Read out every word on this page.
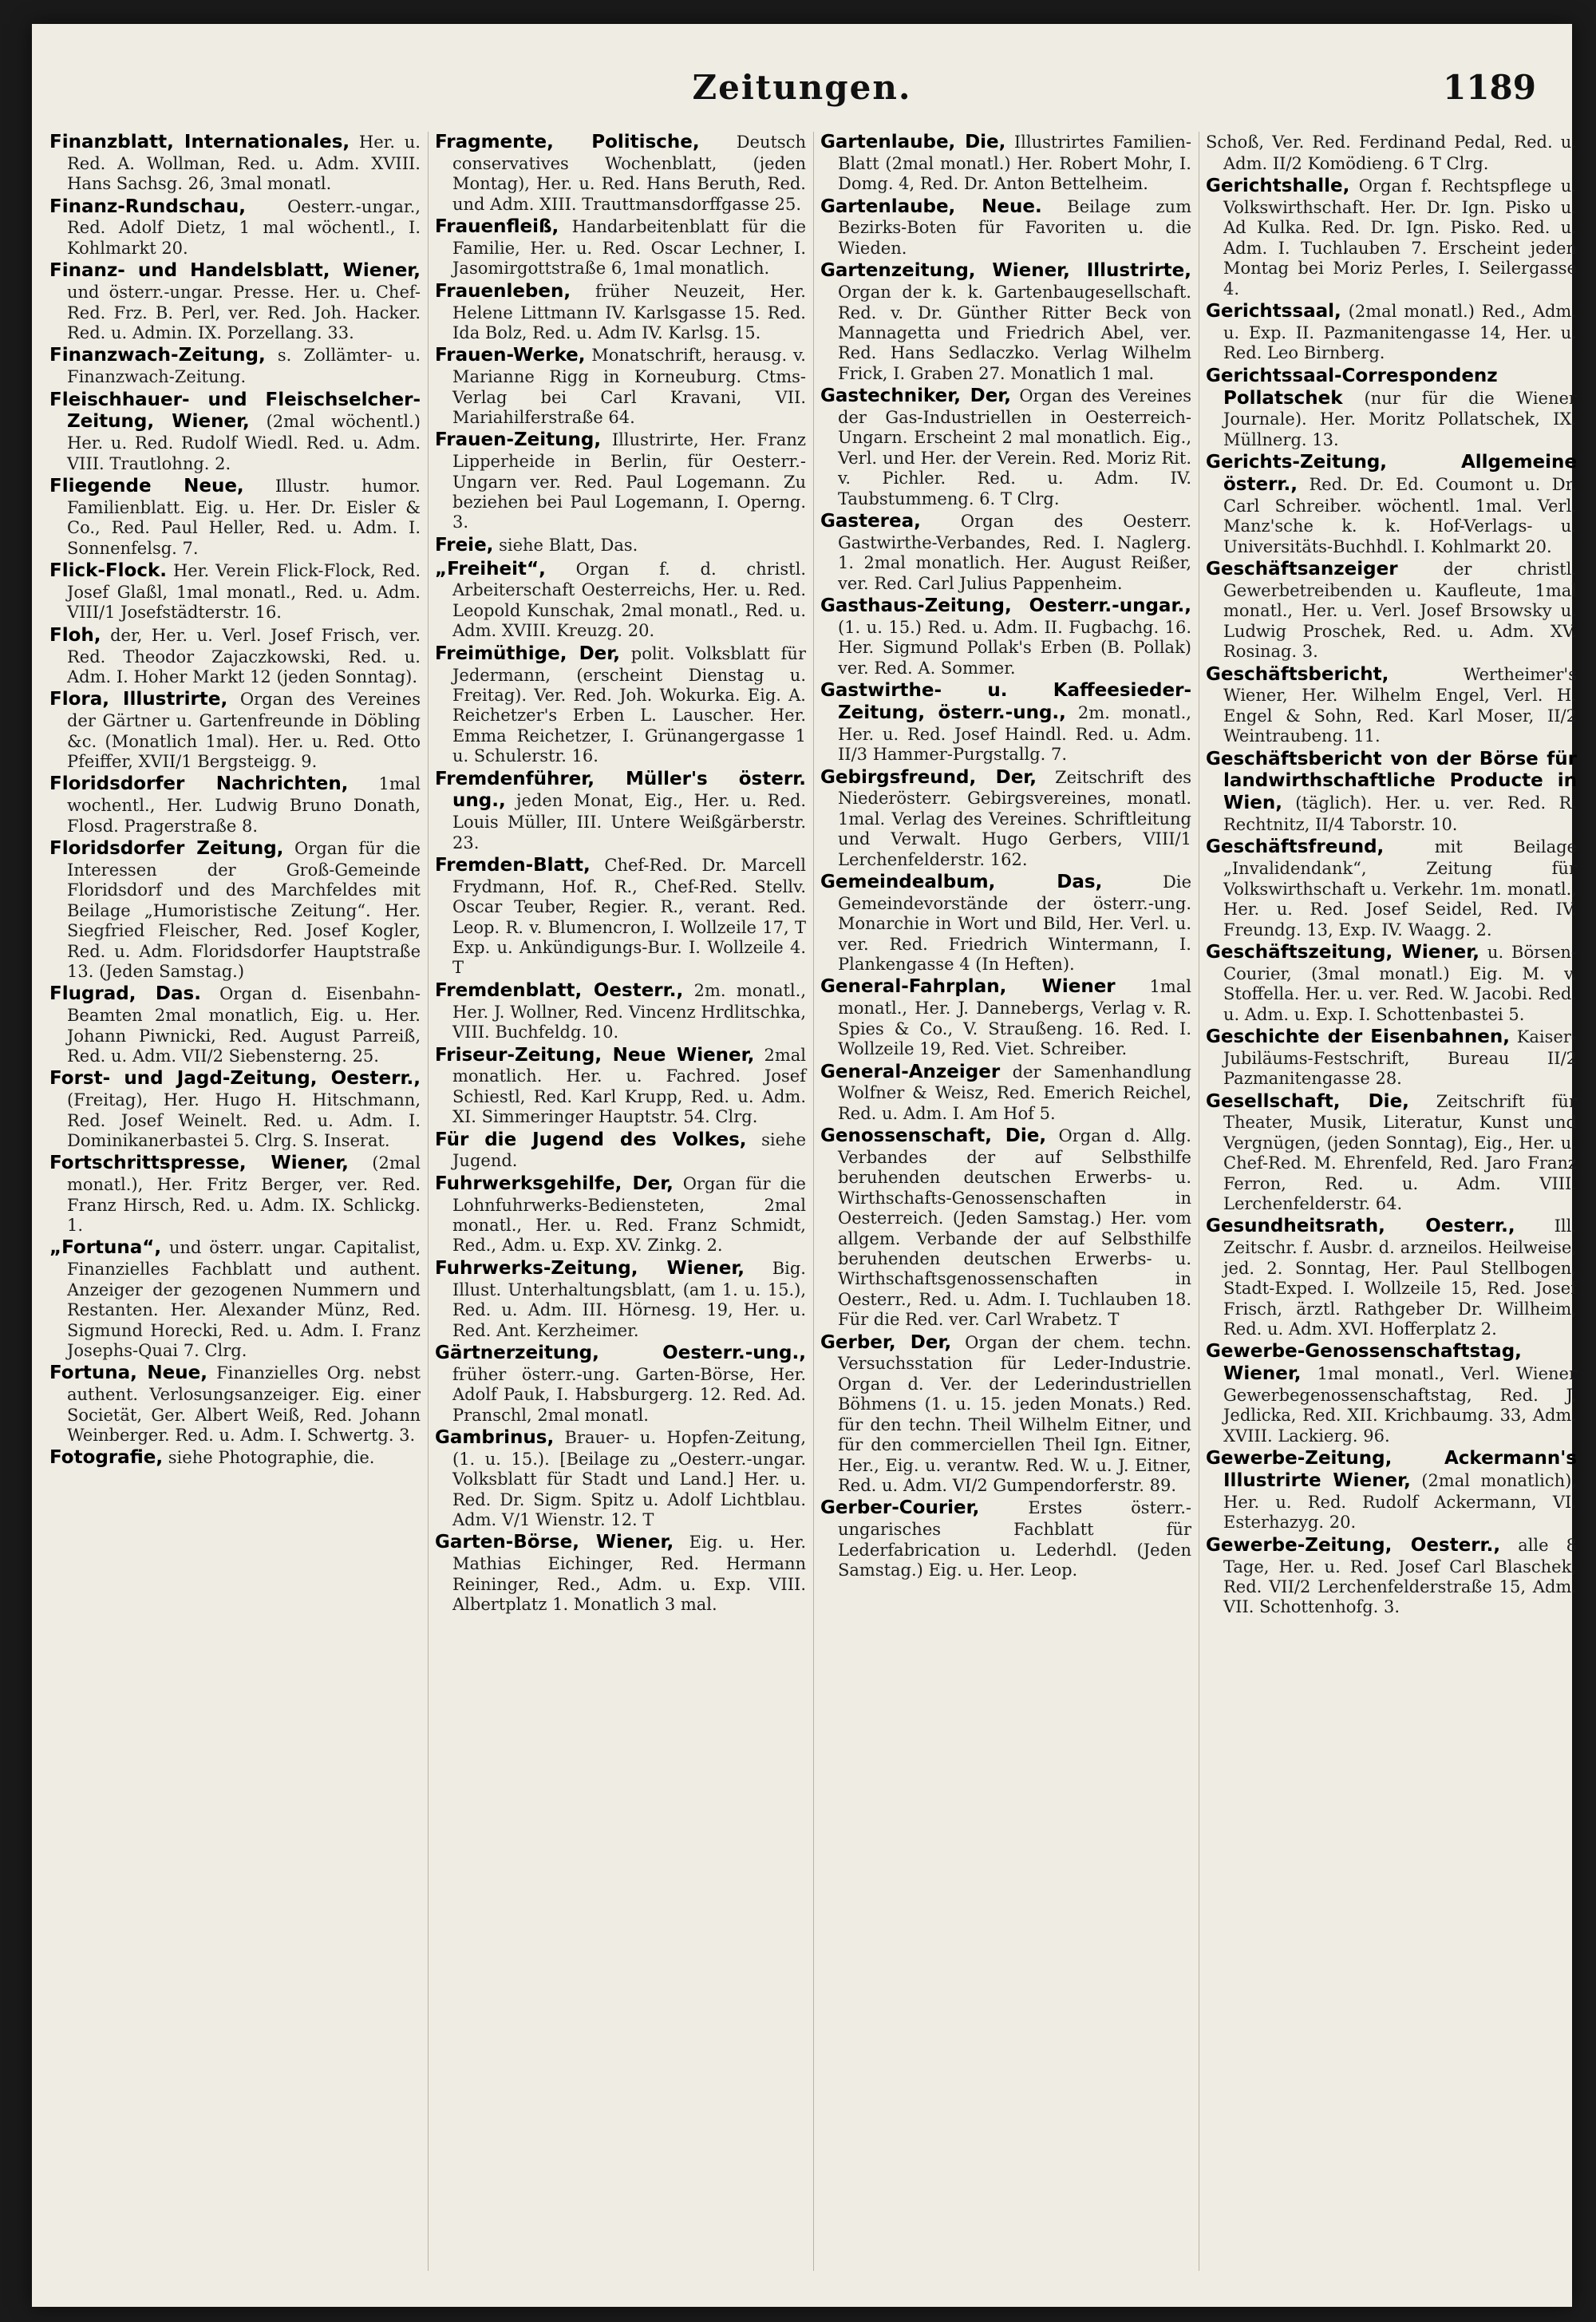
Zeitungen.	1189

Finanzblatt, Internationales, Her. u. Red. A. Wollman, Red. u. Adm. XVIII. Hans Sachsg. 26, 3mal monatl.

Finanz-Rundschau, Oesterr.-ungar., Red. Adolf Dietz, 1 mal wöchentl., I. Kohlmarkt 20.

Finanz- und Handelsblatt, Wiener, und österr.-ungar. Presse. Her. u. Chef-Red. Frz. B. Perl, ver. Red. Joh. Hacker. Red. u. Admin. IX. Porzellang. 33.

Finanzwach-Zeitung, s. Zollämter- u. Finanzwach-Zeitung.

Fleischhauer- und Fleischselcher-Zeitung, Wiener, (2mal wöchentl.) Her. u. Red. Rudolf Wiedl. Red. u. Adm. VIII. Trautlohng. 2.

Fliegende Neue, Illustr. humor. Familienblatt. Eig. u. Her. Dr. Eisler & Co., Red. Paul Heller, Red. u. Adm. I. Sonnenfelsg. 7.

Flick-Flock. Her. Verein Flick-Flock, Red. Josef Glaßl, 1mal monatl., Red. u. Adm. VIII/1 Josefstädterstr. 16.

Floh, der, Her. u. Verl. Josef Frisch, ver. Red. Theodor Zajaczkowski, Red. u. Adm. I. Hoher Markt 12 (jeden Sonntag).

Flora, Illustrirte, Organ des Vereines der Gärtner u. Gartenfreunde in Döbling &c. (Monatlich 1mal). Her. u. Red. Otto Pfeiffer, XVII/1 Bergsteigg. 9.

Floridsdorfer Nachrichten, 1mal wochentl., Her. Ludwig Bruno Donath, Flosd. Pragerstraße 8.

Floridsdorfer Zeitung, Organ für die Interessen der Groß-Gemeinde Floridsdorf und des Marchfeldes mit Beilage „Humoristische Zeitung“. Her. Siegfried Fleischer, Red. Josef Kogler, Red. u. Adm. Floridsdorfer Hauptstraße 13. (Jeden Samstag.)

Flugrad, Das. Organ d. Eisenbahn-Beamten 2mal monatlich, Eig. u. Her. Johann Piwnicki, Red. August Parreiß, Red. u. Adm. VII/2 Siebensterng. 25.

Forst- und Jagd-Zeitung, Oesterr., (Freitag), Her. Hugo H. Hitschmann, Red. Josef Weinelt. Red. u. Adm. I. Dominikanerbastei 5. Clrg. S. Inserat.

Fortschrittspresse, Wiener, (2mal monatl.), Her. Fritz Berger, ver. Red. Franz Hirsch, Red. u. Adm. IX. Schlickg. 1.

„Fortuna“, und österr. ungar. Capitalist, Finanzielles Fachblatt und authent. Anzeiger der gezogenen Nummern und Restanten. Her. Alexander Münz, Red. Sigmund Horecki, Red. u. Adm. I. Franz Josephs-Quai 7. Clrg.

Fortuna, Neue, Finanzielles Org. nebst authent. Verlosungsanzeiger. Eig. einer Societät, Ger. Albert Weiß, Red. Johann Weinberger. Red. u. Adm. I. Schwertg. 3.

Fotografie, siehe Photographie, die.

Fragmente, Politische, Deutsch conservatives Wochenblatt, (jeden Montag), Her. u. Red. Hans Beruth, Red. und Adm. XIII. Trauttmansdorffgasse 25.

Frauenfleiß, Handarbeitenblatt für die Familie, Her. u. Red. Oscar Lechner, I. Jasomirgottstraße 6, 1mal monatlich.

Frauenleben, früher Neuzeit, Her. Helene Littmann IV. Karlsgasse 15. Red. Ida Bolz, Red. u. Adm IV. Karlsg. 15.

Frauen-Werke, Monatschrift, herausg. v. Marianne Rigg in Korneuburg. Ctms-Verlag bei Carl Kravani, VII. Mariahilferstraße 64.

Frauen-Zeitung, Illustrirte, Her. Franz Lipperheide in Berlin, für Oesterr.-Ungarn ver. Red. Paul Logemann. Zu beziehen bei Paul Logemann, I. Operng. 3.

Freie, siehe Blatt, Das.

„Freiheit“, Organ f. d. christl. Arbeiterschaft Oesterreichs, Her. u. Red. Leopold Kunschak, 2mal monatl., Red. u. Adm. XVIII. Kreuzg. 20.

Freimüthige, Der, polit. Volksblatt für Jedermann, (erscheint Dienstag u. Freitag). Ver. Red. Joh. Wokurka. Eig. A. Reichetzer's Erben L. Lauscher. Her. Emma Reichetzer, I. Grünangergasse 1 u. Schulerstr. 16.

Fremdenführer, Müller's österr. ung., jeden Monat, Eig., Her. u. Red. Louis Müller, III. Untere Weißgärberstr. 23.

Fremden-Blatt, Chef-Red. Dr. Marcell Frydmann, Hof. R., Chef-Red. Stellv. Oscar Teuber, Regier. R., verant. Red. Leop. R. v. Blumencron, I. Wollzeile 17, T Exp. u. Ankündigungs-Bur. I. Wollzeile 4. T

Fremdenblatt, Oesterr., 2m. monatl., Her. J. Wollner, Red. Vincenz Hrdlitschka, VIII. Buchfeldg. 10.

Friseur-Zeitung, Neue Wiener, 2mal monatlich. Her. u. Fachred. Josef Schiestl, Red. Karl Krupp, Red. u. Adm. XI. Simmeringer Hauptstr. 54. Clrg.

Für die Jugend des Volkes, siehe Jugend.

Fuhrwerksgehilfe, Der, Organ für die Lohnfuhrwerks-Bediensteten, 2mal monatl., Her. u. Red. Franz Schmidt, Red., Adm. u. Exp. XV. Zinkg. 2.

Fuhrwerks-Zeitung, Wiener, Big. Illust. Unterhaltungsblatt, (am 1. u. 15.), Red. u. Adm. III. Hörnesg. 19, Her. u. Red. Ant. Kerzheimer.

Gärtnerzeitung, Oesterr.-ung., früher österr.-ung. Garten-Börse, Her. Adolf Pauk, I. Habsburgerg. 12. Red. Ad. Pranschl, 2mal monatl.

Gambrinus, Brauer- u. Hopfen-Zeitung, (1. u. 15.). [Beilage zu „Oesterr.-ungar. Volksblatt für Stadt und Land.] Her. u. Red. Dr. Sigm. Spitz u. Adolf Lichtblau. Adm. V/1 Wienstr. 12. T

Garten-Börse, Wiener, Eig. u. Her. Mathias Eichinger, Red. Hermann Reininger, Red., Adm. u. Exp. VIII. Albertplatz 1. Monatlich 3 mal.

Gartenlaube, Die, Illustrirtes Familien-Blatt (2mal monatl.) Her. Robert Mohr, I. Domg. 4, Red. Dr. Anton Bettelheim.

Gartenlaube, Neue. Beilage zum Bezirks-Boten für Favoriten u. die Wieden.

Gartenzeitung, Wiener, Illustrirte, Organ der k. k. Gartenbaugesellschaft. Red. v. Dr. Günther Ritter Beck von Mannagetta und Friedrich Abel, ver. Red. Hans Sedlaczko. Verlag Wilhelm Frick, I. Graben 27. Monatlich 1 mal.

Gastechniker, Der, Organ des Vereines der Gas-Industriellen in Oesterreich-Ungarn. Erscheint 2 mal monatlich. Eig., Verl. und Her. der Verein. Red. Moriz Rit. v. Pichler. Red. u. Adm. IV. Taubstummeng. 6. T Clrg.

Gasterea, Organ des Oesterr. Gastwirthe-Verbandes, Red. I. Naglerg. 1. 2mal monatlich. Her. August Reißer, ver. Red. Carl Julius Pappenheim.

Gasthaus-Zeitung, Oesterr.-ungar., (1. u. 15.) Red. u. Adm. II. Fugbachg. 16. Her. Sigmund Pollak's Erben (B. Pollak) ver. Red. A. Sommer.

Gastwirthe- u. Kaffeesieder-Zeitung, österr.-ung., 2m. monatl., Her. u. Red. Josef Haindl. Red. u. Adm. II/3 Hammer-Purgstallg. 7.

Gebirgsfreund, Der, Zeitschrift des Niederösterr. Gebirgsvereines, monatl. 1mal. Verlag des Vereines. Schriftleitung und Verwalt. Hugo Gerbers, VIII/1 Lerchenfelderstr. 162.

Gemeindealbum, Das,	Die Gemeindevorstände der österr.-ung. Monarchie in Wort und Bild, Her. Verl. u. ver. Red. Friedrich Wintermann, I. Plankengasse 4 (In Heften).

General-Fahrplan, Wiener 1mal monatl., Her. J. Dannebergs, Verlag v. R. Spies & Co., V. Straußeng. 16. Red. I. Wollzeile 19, Red. Viet. Schreiber.

General-Anzeiger der Samenhandlung Wolfner & Weisz, Red. Emerich Reichel, Red. u. Adm. I. Am Hof 5.

Genossenschaft, Die, Organ d. Allg. Verbandes der auf Selbsthilfe beruhenden deutschen Erwerbs- u. Wirthschafts-Genossenschaften in Oesterreich. (Jeden Samstag.) Her. vom allgem. Verbande der auf Selbsthilfe beruhenden deutschen Erwerbs- u. Wirthschaftsgenossenschaften in Oesterr., Red. u. Adm. I. Tuchlauben 18. Für die Red. ver. Carl Wrabetz. T

Gerber, Der, Organ der chem. techn. Versuchsstation für Leder-Industrie. Organ d. Ver. der Lederindustriellen Böhmens (1. u. 15. jeden Monats.) Red. für den techn. Theil Wilhelm Eitner, und für den commerciellen Theil Ign. Eitner, Her., Eig. u. verantw. Red. W. u. J. Eitner, Red. u. Adm. VI/2 Gumpendorferstr. 89.

Gerber-Courier,	Erstes österr.-ungarisches Fachblatt für Lederfabrication u. Lederhdl. (Jeden Samstag.) Eig. u. Her. Leop.

Schoß, Ver. Red. Ferdinand Pedal, Red. u. Adm. II/2 Komödieng. 6 T Clrg.

Gerichtshalle, Organ f. Rechtspflege u. Volkswirthschaft. Her. Dr. Ign. Pisko u. Ad Kulka. Red. Dr. Ign. Pisko. Red. u. Adm. I. Tuchlauben 7. Erscheint jeden Montag bei Moriz Perles, I. Seilergasse 4.

Gerichtssaal, (2mal monatl.) Red., Adm. u. Exp. II. Pazmanitengasse 14, Her. u. Red. Leo Birnberg.

Gerichtssaal-Correspondenz Pollatschek (nur für die Wiener Journale). Her. Moritz Pollatschek, IX. Müllnerg. 13.

Gerichts-Zeitung, Allgemeine österr., Red. Dr. Ed. Coumont u. Dr. Carl Schreiber. wöchentl. 1mal. Verl. Manz'sche k. k. Hof-Verlags- u. Universitäts-Buchhdl. I. Kohlmarkt 20.

Geschäftsanzeiger	der christl. Gewerbetreibenden u. Kaufleute, 1mal monatl., Her. u. Verl. Josef Brsowsky u. Ludwig Proschek, Red. u. Adm. XV. Rosinag. 3.

Geschäftsbericht,	Wertheimer's Wiener, Her. Wilhelm Engel, Verl. H. Engel & Sohn, Red. Karl Moser, II/2 Weintraubeng. 11.

Geschäftsbericht von der Börse für landwirthschaftliche Producte in Wien, (täglich). Her. u. ver. Red. R. Rechtnitz, II/4 Taborstr. 10.

Geschäftsfreund,	mit Beilage „Invalidendank“, Zeitung für Volkswirthschaft u. Verkehr. 1m. monatl., Her. u. Red. Josef Seidel, Red. IV. Freundg. 13, Exp. IV. Waagg. 2.

Geschäftszeitung, Wiener, u. Börsen-Courier, (3mal monatl.) Eig. M. v. Stoffella. Her. u. ver. Red. W. Jacobi. Red. u. Adm. u. Exp. I. Schottenbastei 5.

Geschichte der Eisenbahnen, Kaiser-Jubiläums-Festschrift, Bureau II/2 Pazmanitengasse 28.

Gesellschaft, Die, Zeitschrift für Theater, Musik, Literatur, Kunst und Vergnügen, (jeden Sonntag), Eig., Her. u. Chef-Red. M. Ehrenfeld, Red. Jaro Franz Ferron, Red. u. Adm. VIII. Lerchenfelderstr. 64.

Gesundheitsrath, Oesterr., Ill. Zeitschr. f. Ausbr. d. arzneilos. Heilweise, jed. 2. Sonntag, Her. Paul Stellbogen, Stadt-Exped. I. Wollzeile 15, Red. Josef Frisch, ärztl. Rathgeber Dr. Willheim, Red. u. Adm. XVI. Hofferplatz 2.

Gewerbe-Genossenschaftstag, Wiener, 1mal monatl., Verl. Wiener Gewerbegenossenschaftstag, Red. J. Jedlicka, Red. XII. Krichbaumg. 33, Adm. XVIII. Lackierg. 96.

Gewerbe-Zeitung, Ackermann's Illustrirte Wiener, (2mal monatlich), Her. u. Red. Rudolf Ackermann, VI. Esterhazyg. 20.

Gewerbe-Zeitung, Oesterr., alle 8 Tage, Her. u. Red. Josef Carl Blaschek, Red. VII/2 Lerchenfelderstraße 15, Adm. VII. Schottenhofg. 3.
